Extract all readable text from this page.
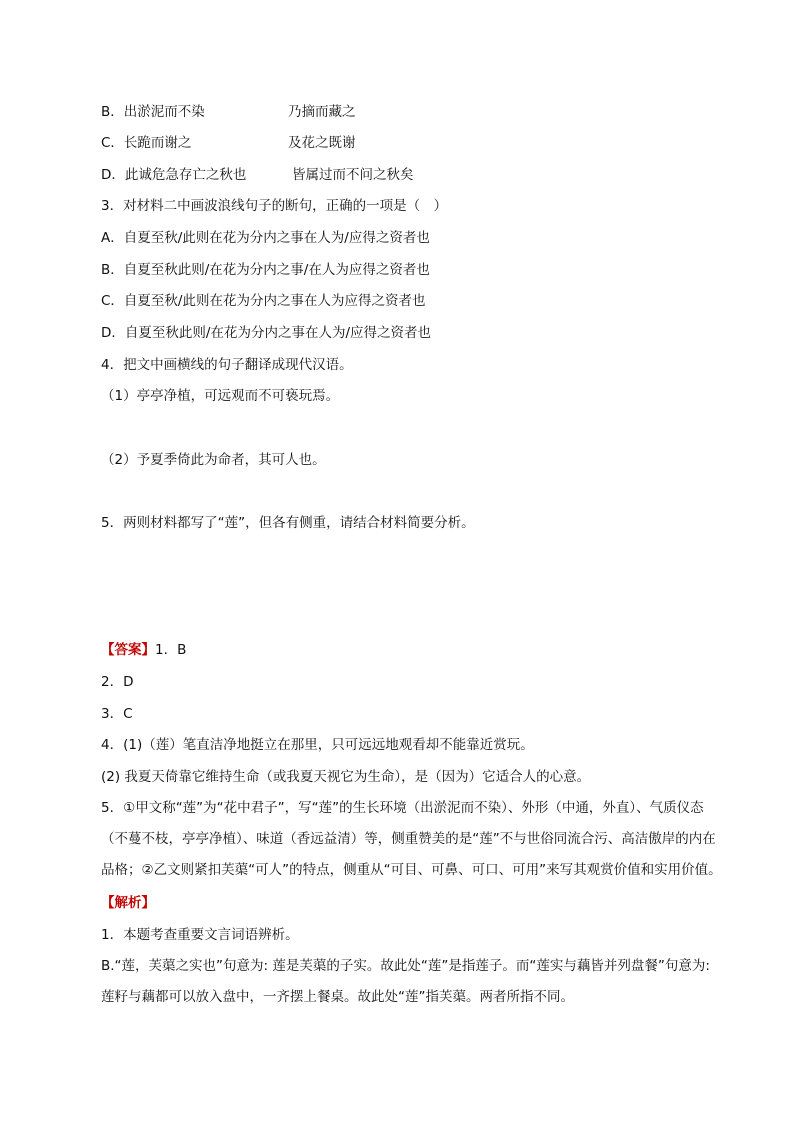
B．出淤泥而不染	乃摘而藏之
C．长跪而谢之	及花之既谢
D．此诚危急存亡之秋也	皆属过而不问之秋矣
3．对材料二中画波浪线句子的断句，正确的一项是（　）
A．自夏至秋/此则在花为分内之事在人为/应得之资者也
B．自夏至秋此则/在花为分内之事/在人为应得之资者也
C．自夏至秋/此则在花为分内之事在人为应得之资者也
D．自夏至秋此则/在花为分内之事在人为/应得之资者也
4．把文中画横线的句子翻译成现代汉语。
（1）亭亭净植，可远观而不可亵玩焉。
（2）予夏季倚此为命者，其可人也。
5．两则材料都写了“莲”，但各有侧重，请结合材料简要分析。
【答案】1．B
2．D
3．C
4．(1)（莲）笔直洁净地挺立在那里，只可远远地观看却不能靠近赏玩。
(2) 我夏天倚靠它维持生命（或我夏天视它为生命），是（因为）它适合人的心意。
5．①甲文称“莲”为“花中君子”，写“莲”的生长环境（出淤泥而不染）、外形（中通，外直）、气质仪态（不蔓不枝，亭亭净植）、味道（香远益清）等，侧重赞美的是“莲”不与世俗同流合污、高洁傲岸的内在品格；②乙文则紧扣芙蕖“可人”的特点，侧重从“可目、可鼻、可口、可用”来写其观赏价值和实用价值。
【解析】
1．本题考查重要文言词语辨析。
B.“莲，芙蕖之实也”句意为: 莲是芙蕖的子实。故此处“莲”是指莲子。而“莲实与藕皆并列盘餐”句意为: 莲籽与藕都可以放入盘中，一齐摆上餐桌。故此处“莲”指芙蕖。两者所指不同。
